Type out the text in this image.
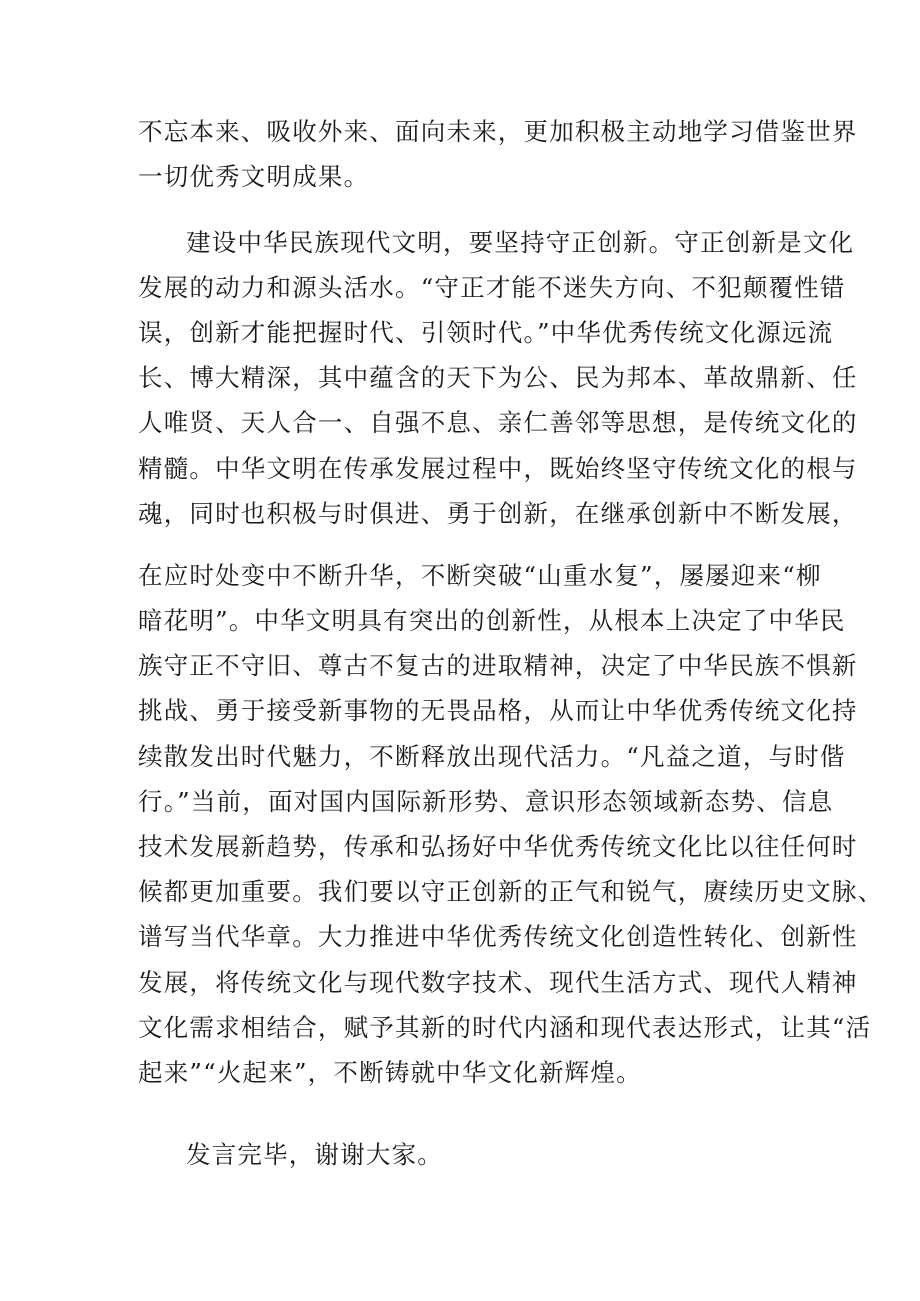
不忘本来、吸收外来、面向未来，更加积极主动地学习借鉴世界
一切优秀文明成果。
建设中华民族现代文明，要坚持守正创新。守正创新是文化
发展的动力和源头活水。“守正才能不迷失方向、不犯颠覆性错
误，创新才能把握时代、引领时代。”中华优秀传统文化源远流
长、博大精深，其中蕴含的天下为公、民为邦本、革故鼎新、任
人唯贤、天人合一、自强不息、亲仁善邻等思想，是传统文化的
精髓。中华文明在传承发展过程中，既始终坚守传统文化的根与
魂，同时也积极与时俱进、勇于创新，在继承创新中不断发展，
在应时处变中不断升华，不断突破“山重水复”，屡屡迎来“柳
暗花明”。中华文明具有突出的创新性，从根本上决定了中华民
族守正不守旧、尊古不复古的进取精神，决定了中华民族不惧新
挑战、勇于接受新事物的无畏品格，从而让中华优秀传统文化持
续散发出时代魅力，不断释放出现代活力。“凡益之道，与时偕
行。”当前，面对国内国际新形势、意识形态领域新态势、信息
技术发展新趋势，传承和弘扬好中华优秀传统文化比以往任何时
候都更加重要。我们要以守正创新的正气和锐气，赓续历史文脉、
谱写当代华章。大力推进中华优秀传统文化创造性转化、创新性
发展，将传统文化与现代数字技术、现代生活方式、现代人精神
文化需求相结合，赋予其新的时代内涵和现代表达形式，让其“活
起来”“火起来”，不断铸就中华文化新辉煌。
发言完毕，谢谢大家。
